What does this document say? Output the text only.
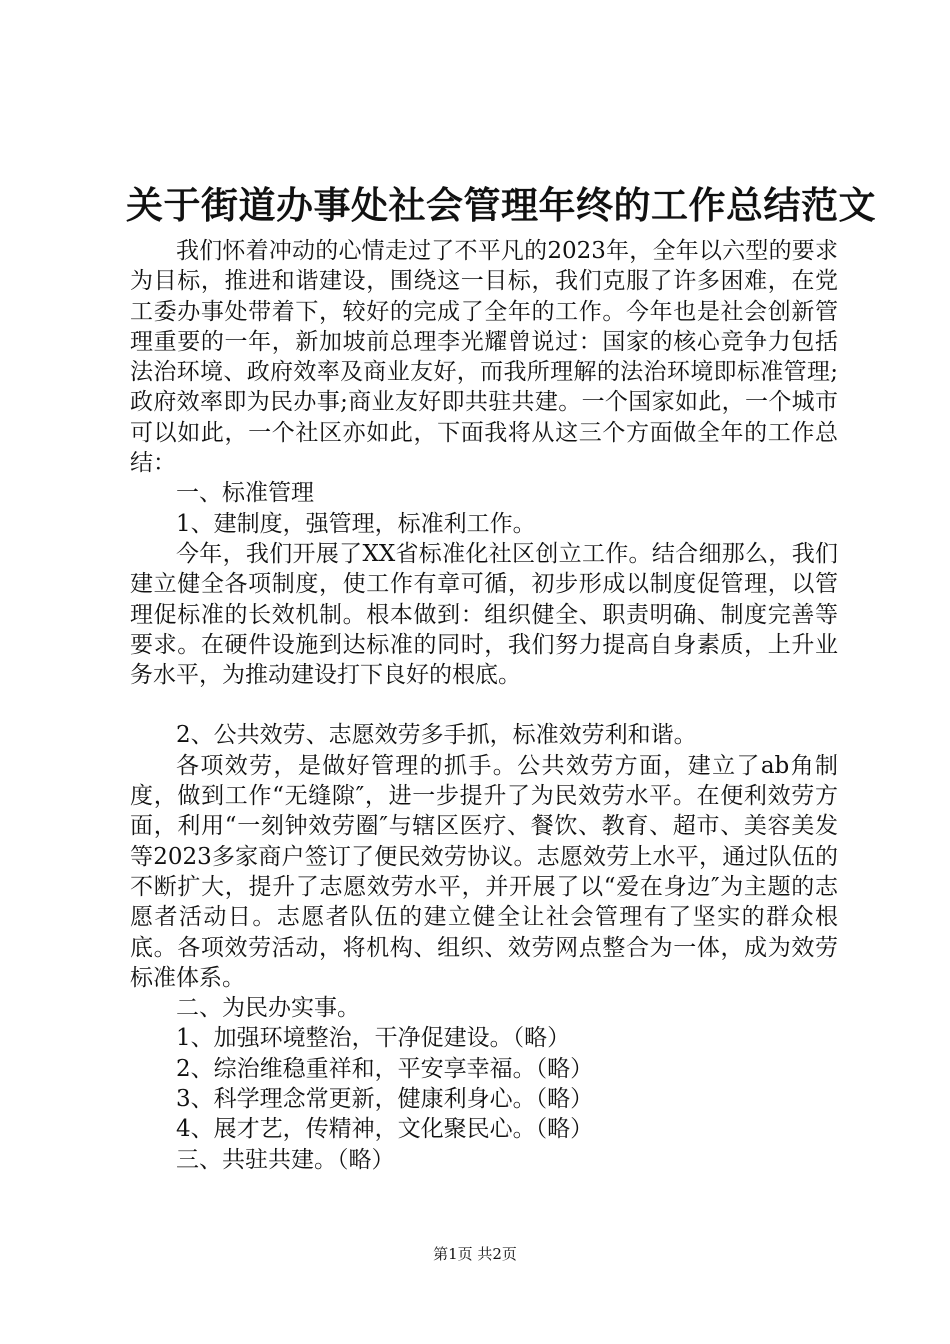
关于街道办事处社会管理年终的工作总结范文

我们怀着冲动的心情走过了不平凡的2023年，全年以六型的要求为目标，推进和谐建设，围绕这一目标，我们克服了许多困难，在党工委办事处带着下，较好的完成了全年的工作。今年也是社会创新管理重要的一年，新加坡前总理李光耀曾说过：国家的核心竞争力包括法治环境、政府效率及商业友好，而我所理解的法治环境即标准管理;政府效率即为民办事;商业友好即共驻共建。一个国家如此，一个城市可以如此，一个社区亦如此，下面我将从这三个方面做全年的工作总结：

一、标准管理

1、建制度，强管理，标准利工作。

今年，我们开展了XX省标准化社区创立工作。结合细那么，我们建立健全各项制度，使工作有章可循，初步形成以制度促管理，以管理促标准的长效机制。根本做到：组织健全、职责明确、制度完善等要求。在硬件设施到达标准的同时，我们努力提高自身素质，上升业务水平，为推动建设打下良好的根底。

2、公共效劳、志愿效劳多手抓，标准效劳利和谐。

各项效劳，是做好管理的抓手。公共效劳方面，建立了ab角制度，做到工作“无缝隙″，进一步提升了为民效劳水平。在便利效劳方面，利用“一刻钟效劳圈″与辖区医疗、餐饮、教育、超市、美容美发等2023多家商户签订了便民效劳协议。志愿效劳上水平，通过队伍的不断扩大，提升了志愿效劳水平，并开展了以“爱在身边″为主题的志愿者活动日。志愿者队伍的建立健全让社会管理有了坚实的群众根底。各项效劳活动，将机构、组织、效劳网点整合为一体，成为效劳标准体系。

二、为民办实事。

1、加强环境整治，干净促建设。（略）

2、综治维稳重祥和，平安享幸福。（略）

3、科学理念常更新，健康利身心。（略）

4、展才艺，传精神，文化聚民心。（略）

三、共驻共建。（略）

第1页 共2页
